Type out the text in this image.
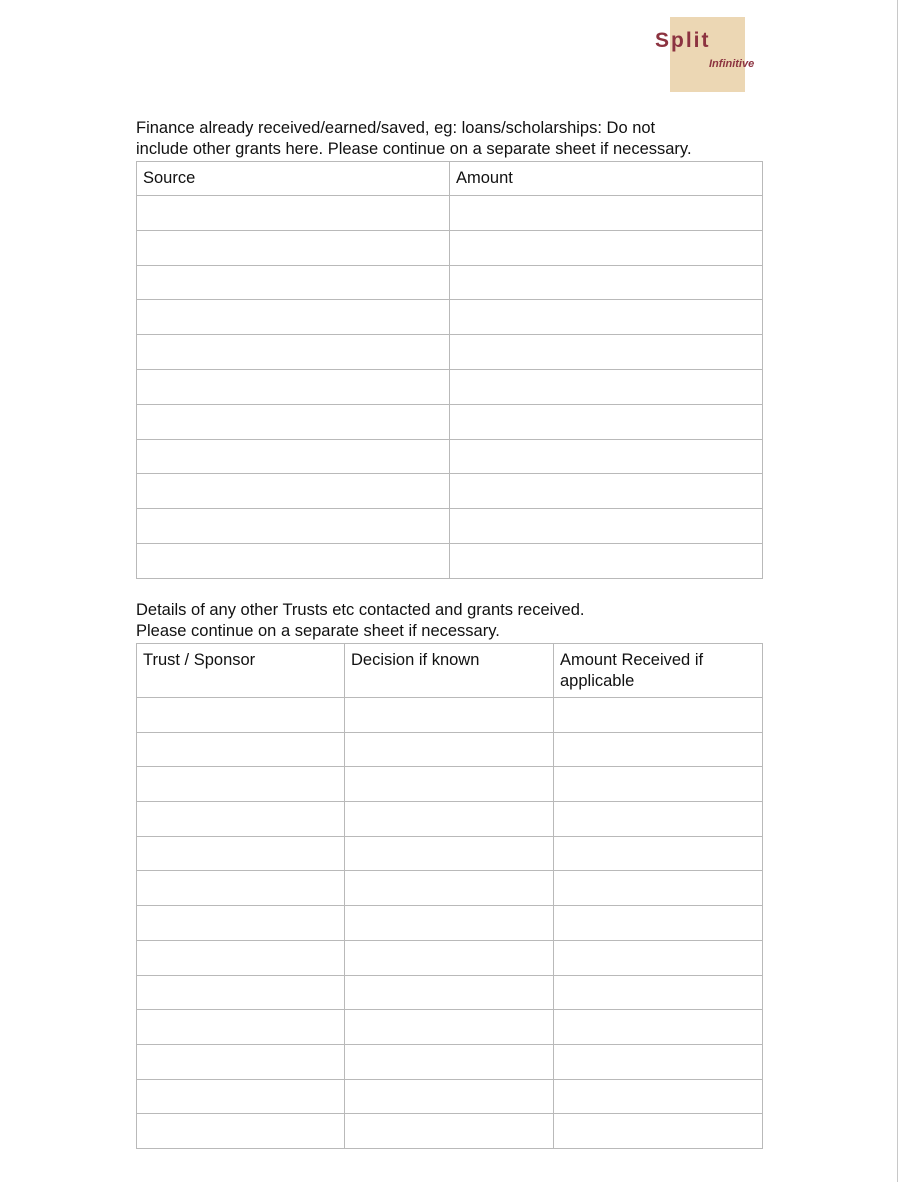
Split
Infinitive

Finance already received/earned/saved, eg: loans/scholarships: Do not
include other grants here. Please continue on a separate sheet if necessary.

Source	Amount

Details of any other Trusts etc contacted and grants received.
Please continue on a separate sheet if necessary.

Trust / Sponsor	Decision if known	Amount Received if applicable
